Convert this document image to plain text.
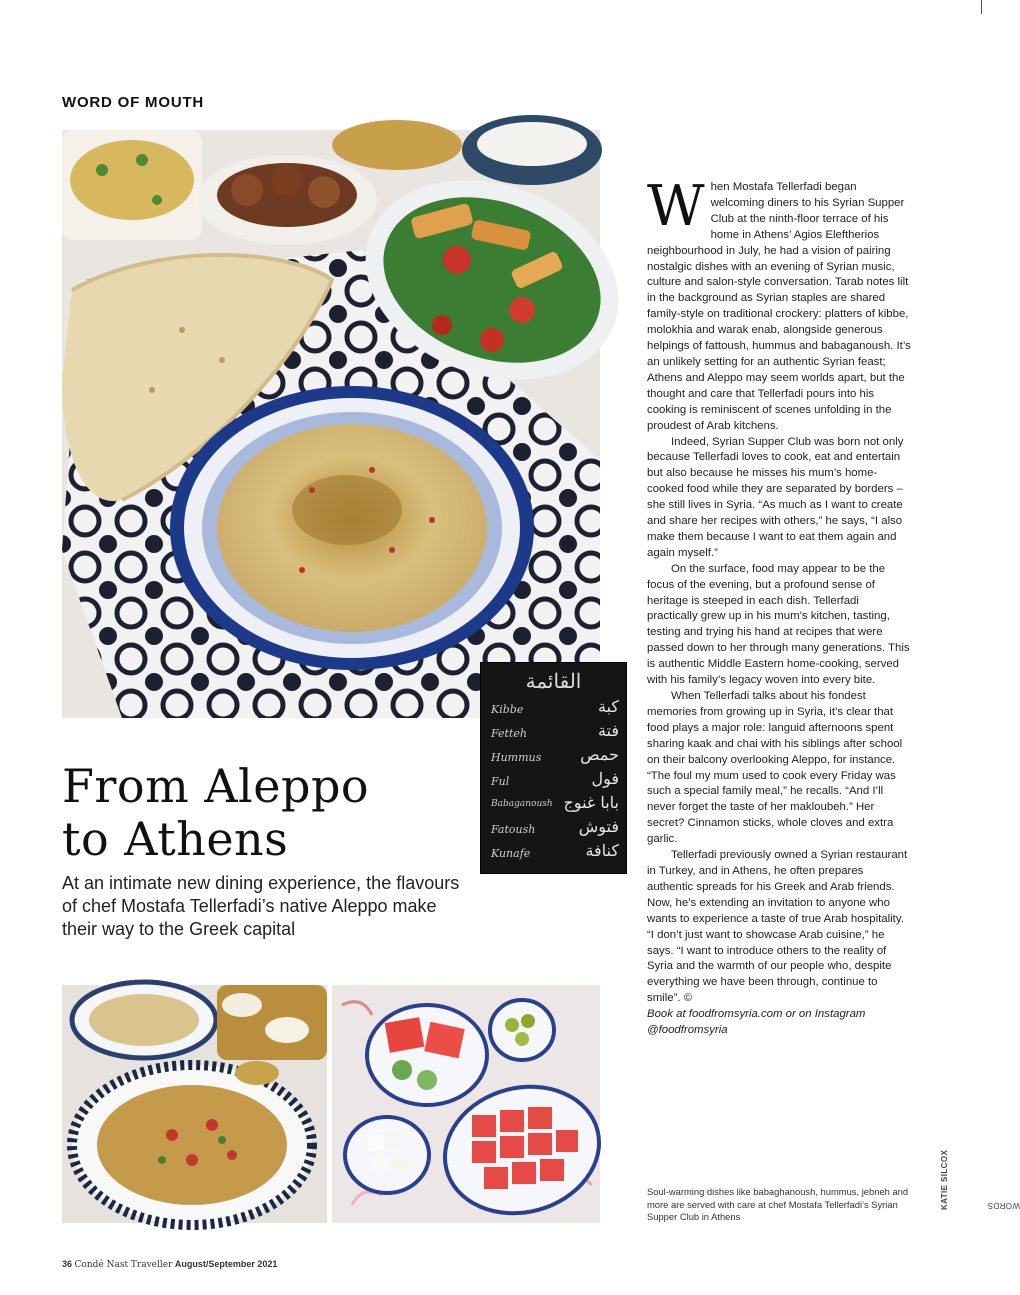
WORD OF MOUTH
القائمة
Kibbe	كبة
Fetteh	فتة
Hummus حمص
Ful	فول
Babaganoush بابا غنوج
Fatoush	فتوش
Kunafe	كنافة
From Aleppo
to Athens
At an intimate new dining experience, the flavours of chef Mostafa Tellerfadi’s native Aleppo make their way to the Greek capital

When Mostafa Tellerfadi began welcoming diners to his Syrian Supper Club at the ninth-floor terrace of his home in Athens’ Agios Eleftherios neighbourhood in July, he had a vision of pairing nostalgic dishes with an evening of Syrian music, culture and salon-style conversation. Tarab notes lilt in the background as Syrian staples are shared family-style on traditional crockery: platters of kibbe, molokhia and warak enab, alongside generous helpings of fattoush, hummus and babaganoush. It’s an unlikely setting for an authentic Syrian feast; Athens and Aleppo may seem worlds apart, but the thought and care that Tellerfadi pours into his cooking is reminiscent of scenes unfolding in the proudest of Arab kitchens.

Indeed, Syrian Supper Club was born not only because Tellerfadi loves to cook, eat and entertain but also because he misses his mum’s home-cooked food while they are separated by borders – she still lives in Syria. “As much as I want to create and share her recipes with others,” he says, “I also make them because I want to eat them again and again myself.”

On the surface, food may appear to be the focus of the evening, but a profound sense of heritage is steeped in each dish. Tellerfadi practically grew up in his mum’s kitchen, tasting, testing and trying his hand at recipes that were passed down to her through many generations. This is authentic Middle Eastern home-cooking, served with his family’s legacy woven into every bite.

When Tellerfadi talks about his fondest memories from growing up in Syria, it’s clear that food plays a major role: languid afternoons spent sharing kaak and chai with his siblings after school on their balcony overlooking Aleppo, for instance. “The foul my mum used to cook every Friday was such a special family meal,” he recalls. “And I’ll never forget the taste of her makloubeh.” Her secret? Cinnamon sticks, whole cloves and extra garlic.

Tellerfadi previously owned a Syrian restaurant in Turkey, and in Athens, he often prepares authentic spreads for his Greek and Arab friends. Now, he’s extending an invitation to anyone who wants to experience a taste of true Arab hospitality. “I don’t just want to showcase Arab cuisine,” he says. “I want to introduce others to the reality of Syria and the warmth of our people who, despite everything we have been through, continue to smile”. ©

Book at foodfromsyria.com or on Instagram @foodfromsyria

Soul-warming dishes like babaghanoush, hummus, jebneh and more are served with care at chef Mostafa Tellerfadi’s Syrian Supper Club in Athens
WORDS
KATIE SILCOX
36 Condé Nast Traveller August/September 2021
